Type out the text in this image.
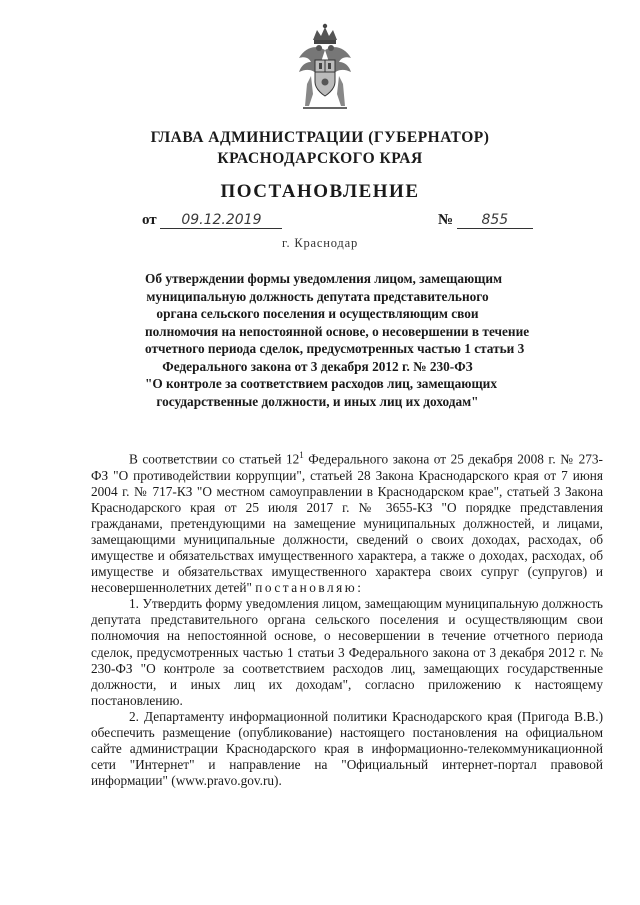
ГЛАВА АДМИНИСТРАЦИИ (ГУБЕРНАТОР)
КРАСНОДАРСКОГО КРАЯ
ПОСТАНОВЛЕНИЕ
от 09.12.2019	№ 855
г. Краснодар
Об утверждении формы уведомления лицом, замещающим
муниципальную должность депутата представительного
органа сельского поселения и осуществляющим свои
полномочия на непостоянной основе, о несовершении в течение
отчетного периода сделок, предусмотренных частью 1 статьи 3
Федерального закона от 3 декабря 2012 г. № 230-ФЗ
"О контроле за соответствием расходов лиц, замещающих
государственные должности, и иных лиц их доходам"

В соответствии со статьей $12^1$ Федерального закона от 25 декабря 2008 г. № 273-ФЗ "О противодействии коррупции", статьей 28 Закона Краснодарского края от 7 июня 2004 г. № 717-КЗ "О местном самоуправлении в Краснодарском крае", статьей 3 Закона Краснодарского края от 25 июля 2017 г. № 3655-КЗ "О порядке представления гражданами, претендующими на замещение муниципальных должностей, и лицами, замещающими муниципальные должности, сведений о своих доходах, расходах, об имуществе и обязательствах имущественного характера, а также о доходах, расходах, об имуществе и обязательствах имущественного характера своих супруг (супругов) и несовершеннолетних детей" постановляю:

1. Утвердить форму уведомления лицом, замещающим муниципальную должность депутата представительного органа сельского поселения и осуществляющим свои полномочия на непостоянной основе, о несовершении в течение отчетного периода сделок, предусмотренных частью 1 статьи 3 Федерального закона от 3 декабря 2012 г. № 230-ФЗ "О контроле за соответствием расходов лиц, замещающих государственные должности, и иных лиц их доходам", согласно приложению к настоящему постановлению.

2. Департаменту информационной политики Краснодарского края (Пригода В.В.) обеспечить размещение (опубликование) настоящего постановления на официальном сайте администрации Краснодарского края в информационно-телекоммуникационной сети "Интернет" и направление на "Официальный интернет-портал правовой информации" (www.pravo.gov.ru).
